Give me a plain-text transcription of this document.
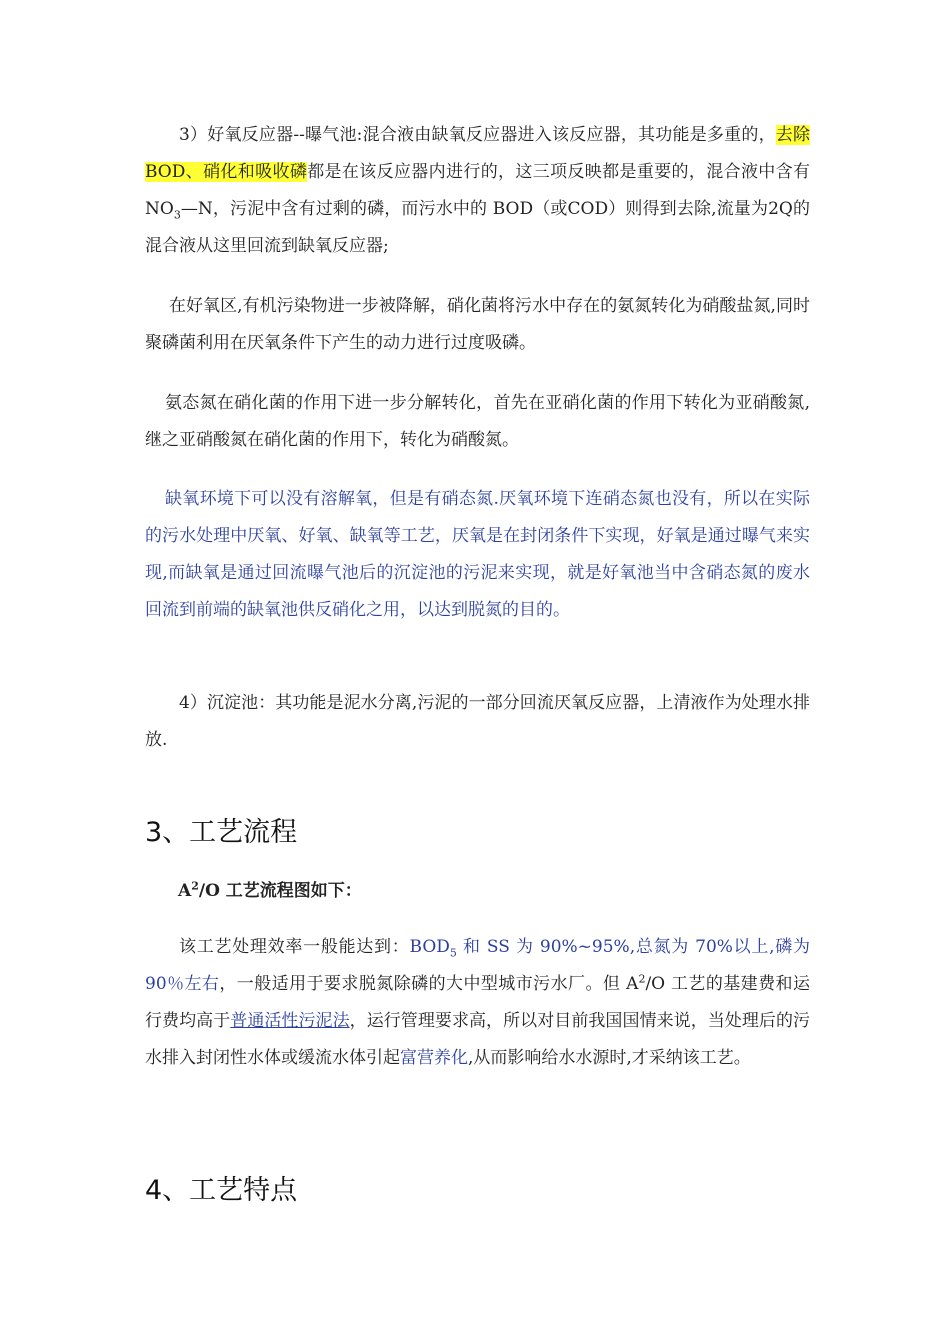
3）好氧反应器--曝气池:混合液由缺氧反应器进入该反应器，其功能是多重的，去除BOD、硝化和吸收磷都是在该反应器内进行的，这三项反映都是重要的，混合液中含有 $NO_3—N$，污泥中含有过剩的磷，而污水中的 BOD（或COD）则得到去除,流量为2Q的混合液从这里回流到缺氧反应器;

在好氧区,有机污染物进一步被降解，硝化菌将污水中存在的氨氮转化为硝酸盐氮,同时聚磷菌利用在厌氧条件下产生的动力进行过度吸磷。

氨态氮在硝化菌的作用下进一步分解转化，首先在亚硝化菌的作用下转化为亚硝酸氮,继之亚硝酸氮在硝化菌的作用下，转化为硝酸氮。

缺氧环境下可以没有溶解氧，但是有硝态氮.厌氧环境下连硝态氮也没有，所以在实际的污水处理中厌氧、好氧、缺氧等工艺，厌氧是在封闭条件下实现，好氧是通过曝气来实现,而缺氧是通过回流曝气池后的沉淀池的污泥来实现，就是好氧池当中含硝态氮的废水回流到前端的缺氧池供反硝化之用，以达到脱氮的目的。

4）沉淀池：其功能是泥水分离,污泥的一部分回流厌氧反应器，上清液作为处理水排放.

3、工艺流程

$A^2/O$ 工艺流程图如下：

该工艺处理效率一般能达到：$BOD_5$ 和 SS 为 90%~95%,总氮为 70%以上,磷为 90％左右，一般适用于要求脱氮除磷的大中型城市污水厂。但 $A^2/O$ 工艺的基建费和运行费均高于普通活性污泥法，运行管理要求高，所以对目前我国国情来说，当处理后的污水排入封闭性水体或缓流水体引起富营养化,从而影响给水水源时,才采纳该工艺。

4、工艺特点
